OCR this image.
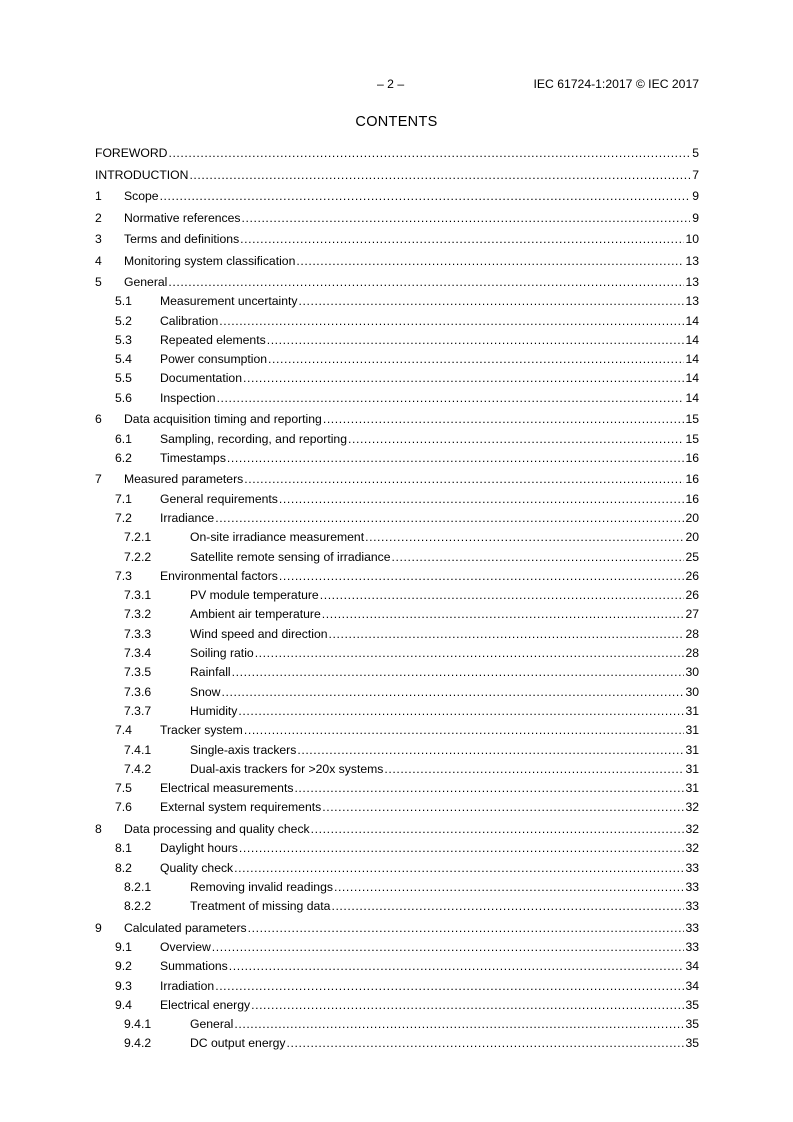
– 2 –	IEC 61724-1:2017 © IEC 2017
CONTENTS
FOREWORD .....	5
INTRODUCTION .....	7
1	Scope .....	9
2	Normative references .....	9
3	Terms and definitions .....	10
4	Monitoring system classification .....	13
5	General .....	13
5.1	Measurement uncertainty .....	13
5.2	Calibration .....	14
5.3	Repeated elements .....	14
5.4	Power consumption .....	14
5.5	Documentation .....	14
5.6	Inspection .....	14
6	Data acquisition timing and reporting .....	15
6.1	Sampling, recording, and reporting .....	15
6.2	Timestamps .....	16
7	Measured parameters .....	16
7.1	General requirements .....	16
7.2	Irradiance .....	20
7.2.1	On-site irradiance measurement .....	20
7.2.2	Satellite remote sensing of irradiance .....	25
7.3	Environmental factors .....	26
7.3.1	PV module temperature .....	26
7.3.2	Ambient air temperature .....	27
7.3.3	Wind speed and direction .....	28
7.3.4	Soiling ratio .....	28
7.3.5	Rainfall .....	30
7.3.6	Snow .....	30
7.3.7	Humidity .....	31
7.4	Tracker system .....	31
7.4.1	Single-axis trackers .....	31
7.4.2	Dual-axis trackers for >20x systems .....	31
7.5	Electrical measurements .....	31
7.6	External system requirements .....	32
8	Data processing and quality check .....	32
8.1	Daylight hours .....	32
8.2	Quality check .....	33
8.2.1	Removing invalid readings .....	33
8.2.2	Treatment of missing data .....	33
9	Calculated parameters .....	33
9.1	Overview .....	33
9.2	Summations .....	34
9.3	Irradiation .....	34
9.4	Electrical energy .....	35
9.4.1	General .....	35
9.4.2	DC output energy .....	35
